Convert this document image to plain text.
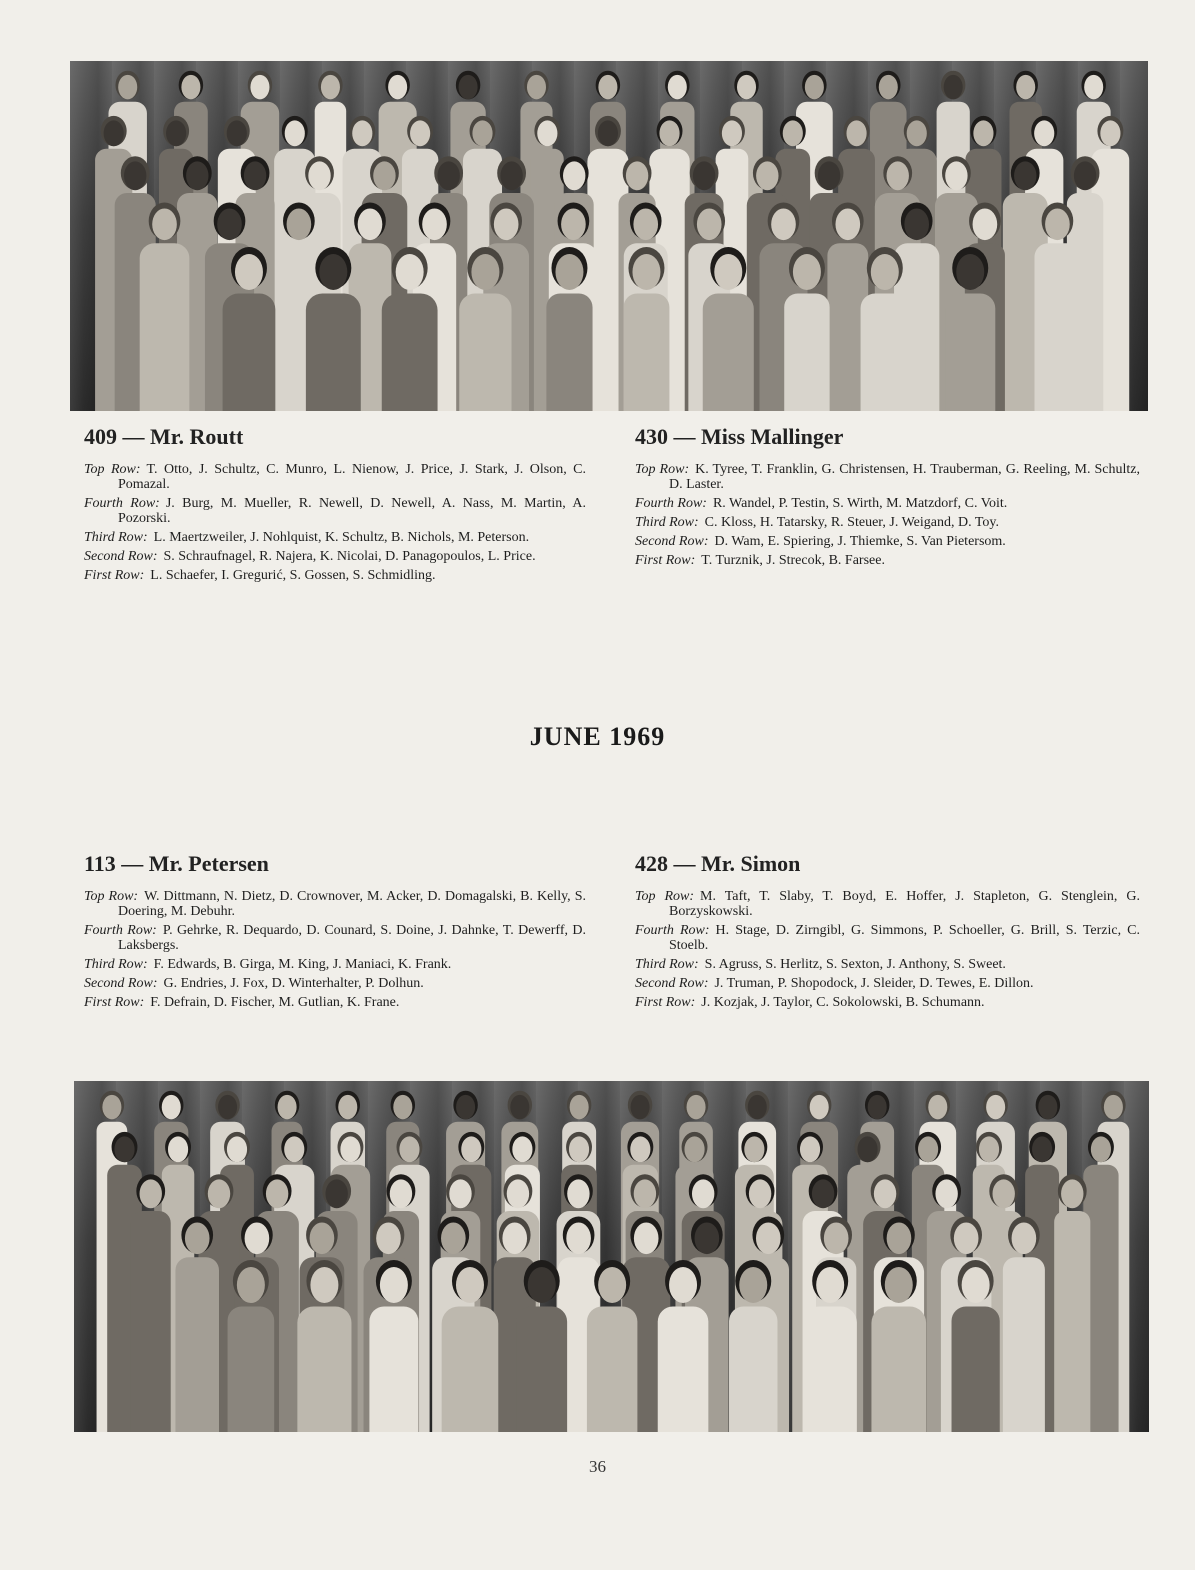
409 — Mr. Routt

Top Row: T. Otto, J. Schultz, C. Munro, L. Nienow, J. Price, J. Stark, J. Olson, C. Pomazal.

Fourth Row: J. Burg, M. Mueller, R. Newell, D. Newell, A. Nass, M. Martin, A. Pozorski.

Third Row: L. Maertzweiler, J. Nohlquist, K. Schultz, B. Nichols, M. Peterson.

Second Row: S. Schraufnagel, R. Najera, K. Nicolai, D. Panagopoulos, L. Price.

First Row: L. Schaefer, I. Gregurić, S. Gossen, S. Schmidling.

430 — Miss Mallinger

Top Row: K. Tyree, T. Franklin, G. Christensen, H. Trauberman, G. Reeling, M. Schultz, D. Laster.

Fourth Row: R. Wandel, P. Testin, S. Wirth, M. Matzdorf, C. Voit.

Third Row: C. Kloss, H. Tatarsky, R. Steuer, J. Weigand, D. Toy.

Second Row: D. Wam, E. Spiering, J. Thiemke, S. Van Pietersom.

First Row: T. Turznik, J. Strecok, B. Farsee.

JUNE 1969
113 — Mr. Petersen

Top Row: W. Dittmann, N. Dietz, D. Crownover, M. Acker, D. Domagalski, B. Kelly, S. Doering, M. Debuhr.

Fourth Row: P. Gehrke, R. Dequardo, D. Counard, S. Doine, J. Dahnke, T. Dewerff, D. Laksbergs.

Third Row: F. Edwards, B. Girga, M. King, J. Maniaci, K. Frank.

Second Row: G. Endries, J. Fox, D. Winterhalter, P. Dolhun.

First Row: F. Defrain, D. Fischer, M. Gutlian, K. Frane.

428 — Mr. Simon

Top Row: M. Taft, T. Slaby, T. Boyd, E. Hoffer, J. Stapleton, G. Stenglein, G. Borzyskowski.

Fourth Row: H. Stage, D. Zirngibl, G. Simmons, P. Schoeller, G. Brill, S. Terzic, C. Stoelb.

Third Row: S. Agruss, S. Herlitz, S. Sexton, J. Anthony, S. Sweet.

Second Row: J. Truman, P. Shopodock, J. Sleider, D. Tewes, E. Dillon.

First Row: J. Kozjak, J. Taylor, C. Sokolowski, B. Schumann.

36
